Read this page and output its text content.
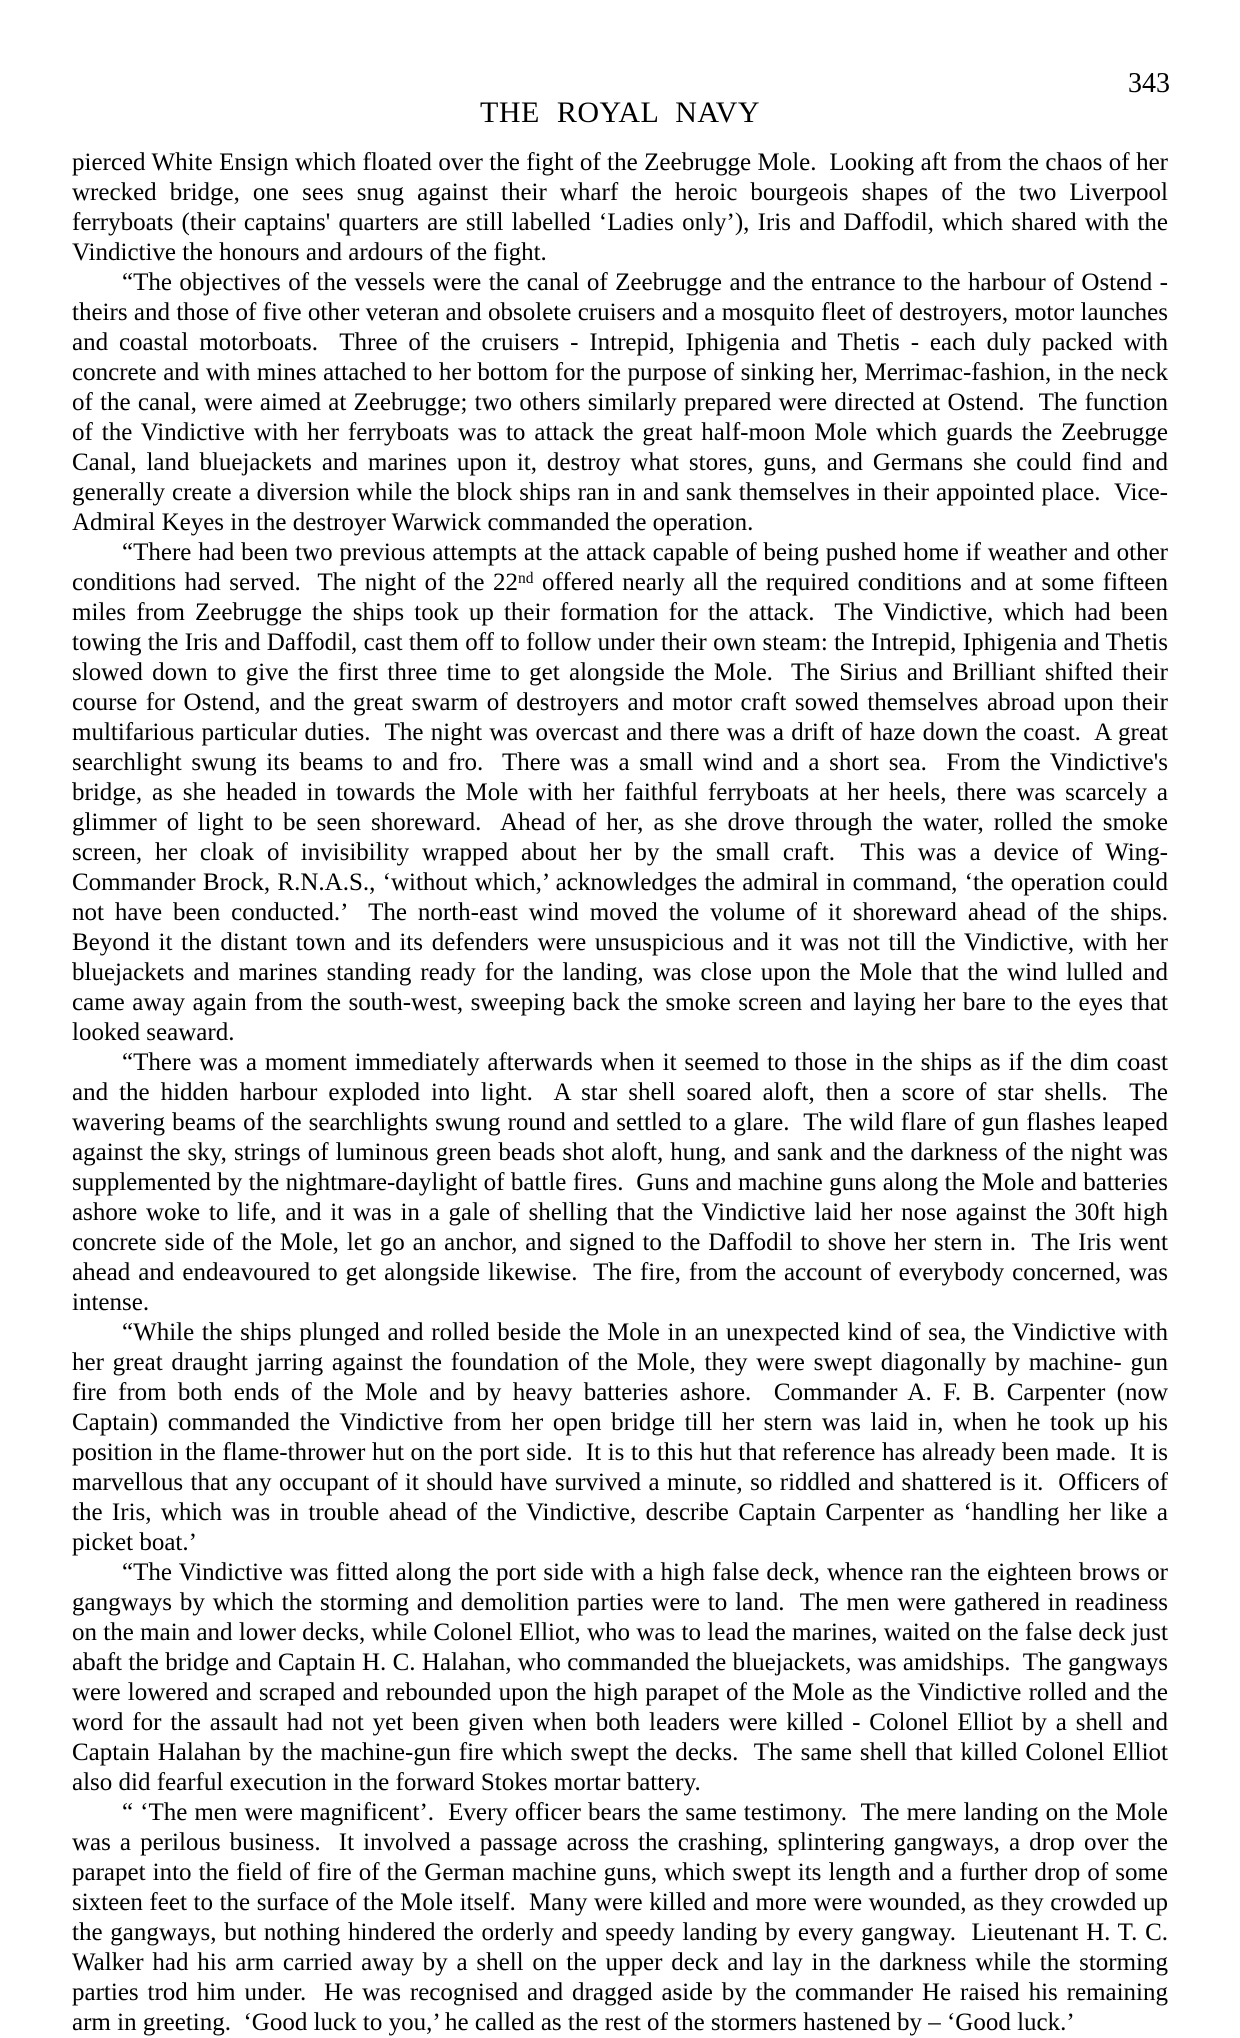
343
THE ROYAL NAVY

pierced White Ensign which floated over the fight of the Zeebrugge Mole.  Looking aft from the chaos of her wrecked bridge, one sees snug against their wharf the heroic bourgeois shapes of the two Liverpool ferryboats (their captains' quarters are still labelled ‘Ladies only’), Iris and Daffodil, which shared with the Vindictive the honours and ardours of the fight.

“The objectives of the vessels were the canal of Zeebrugge and the entrance to the harbour of Ostend - theirs and those of five other veteran and obsolete cruisers and a mosquito fleet of destroyers, motor launches and coastal motorboats.  Three of the cruisers - Intrepid, Iphigenia and Thetis - each duly packed with concrete and with mines attached to her bottom for the purpose of sinking her, Merrimac-fashion, in the neck of the canal, were aimed at Zeebrugge; two others similarly prepared were directed at Ostend.  The function of the Vindictive with her ferryboats was to attack the great half-moon Mole which guards the Zeebrugge Canal, land bluejackets and marines upon it, destroy what stores, guns, and Germans she could find and generally create a diversion while the block ships ran in and sank themselves in their appointed place.  Vice-Admiral Keyes in the destroyer Warwick commanded the operation.

“There had been two previous attempts at the attack capable of being pushed home if weather and other conditions had served.  The night of the 22nd offered nearly all the required conditions and at some fifteen miles from Zeebrugge the ships took up their formation for the attack.  The Vindictive, which had been towing the Iris and Daffodil, cast them off to follow under their own steam: the Intrepid, Iphigenia and Thetis slowed down to give the first three time to get alongside the Mole.  The Sirius and Brilliant shifted their course for Ostend, and the great swarm of destroyers and motor craft sowed themselves abroad upon their multifarious particular duties.  The night was overcast and there was a drift of haze down the coast.  A great searchlight swung its beams to and fro.  There was a small wind and a short sea.  From the Vindictive's bridge, as she headed in towards the Mole with her faithful ferryboats at her heels, there was scarcely a glimmer of light to be seen shoreward.  Ahead of her, as she drove through the water, rolled the smoke screen, her cloak of invisibility wrapped about her by the small craft.  This was a device of Wing-Commander Brock, R.N.A.S., ‘without which,’ acknowledges the admiral in command, ‘the operation could not have been conducted.’  The north-east wind moved the volume of it shoreward ahead of the ships.  Beyond it the distant town and its defenders were unsuspicious and it was not till the Vindictive, with her bluejackets and marines standing ready for the landing, was close upon the Mole that the wind lulled and came away again from the south-west, sweeping back the smoke screen and laying her bare to the eyes that looked seaward.

“There was a moment immediately afterwards when it seemed to those in the ships as if the dim coast and the hidden harbour exploded into light.  A star shell soared aloft, then a score of star shells.  The wavering beams of the searchlights swung round and settled to a glare.  The wild flare of gun flashes leaped against the sky, strings of luminous green beads shot aloft, hung, and sank and the darkness of the night was supplemented by the nightmare-daylight of battle fires.  Guns and machine guns along the Mole and batteries ashore woke to life, and it was in a gale of shelling that the Vindictive laid her nose against the 30ft high concrete side of the Mole, let go an anchor, and signed to the Daffodil to shove her stern in.  The Iris went ahead and endeavoured to get alongside likewise.  The fire, from the account of everybody concerned, was intense.

“While the ships plunged and rolled beside the Mole in an unexpected kind of sea, the Vindictive with her great draught jarring against the foundation of the Mole, they were swept diagonally by machine- gun fire from both ends of the Mole and by heavy batteries ashore.  Commander A. F. B. Carpenter (now Captain) commanded the Vindictive from her open bridge till her stern was laid in, when he took up his position in the flame-thrower hut on the port side.  It is to this hut that reference has already been made.  It is marvellous that any occupant of it should have survived a minute, so riddled and shattered is it.  Officers of the Iris, which was in trouble ahead of the Vindictive, describe Captain Carpenter as ‘handling her like a picket boat.’

“The Vindictive was fitted along the port side with a high false deck, whence ran the eighteen brows or gangways by which the storming and demolition parties were to land.  The men were gathered in readiness on the main and lower decks, while Colonel Elliot, who was to lead the marines, waited on the false deck just abaft the bridge and Captain H. C. Halahan, who commanded the bluejackets, was amidships.  The gangways were lowered and scraped and rebounded upon the high parapet of the Mole as the Vindictive rolled and the word for the assault had not yet been given when both leaders were killed - Colonel Elliot by a shell and Captain Halahan by the machine-gun fire which swept the decks.  The same shell that killed Colonel Elliot also did fearful execution in the forward Stokes mortar battery.

“ ‘The men were magnificent’.  Every officer bears the same testimony.  The mere landing on the Mole was a perilous business.  It involved a passage across the crashing, splintering gangways, a drop over the parapet into the field of fire of the German machine guns, which swept its length and a further drop of some sixteen feet to the surface of the Mole itself.  Many were killed and more were wounded, as they crowded up the gangways, but nothing hindered the orderly and speedy landing by every gangway.  Lieutenant H. T. C. Walker had his arm carried away by a shell on the upper deck and lay in the darkness while the storming parties trod him under.  He was recognised and dragged aside by the commander He raised his remaining arm in greeting.  ‘Good luck to you,’ he called as the rest of the stormers hastened by – ‘Good luck.’
